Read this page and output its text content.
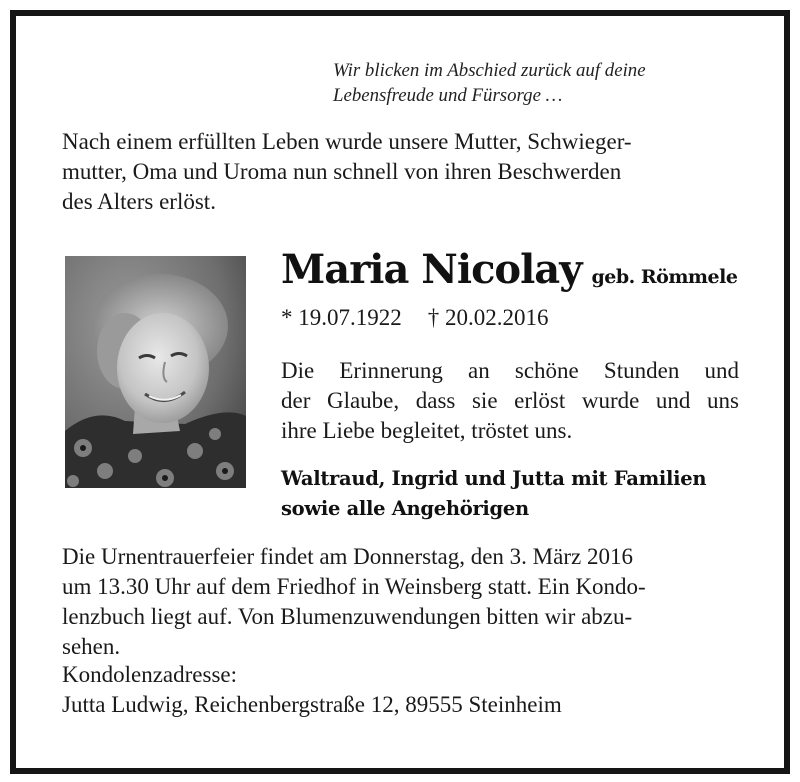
Wir blicken im Abschied zurück auf deine
Lebensfreude und Fürsorge …
Nach einem erfüllten Leben wurde unsere Mutter, Schwieger-
mutter, Oma und Uroma nun schnell von ihren Beschwerden
des Alters erlöst.
Maria Nicolay geb. Römmele
* 19.07.1922 † 20.02.2016
Die Erinnerung an schöne Stunden und
der Glaube, dass sie erlöst wurde und uns
ihre Liebe begleitet, tröstet uns.
Waltraud, Ingrid und Jutta mit Familien
sowie alle Angehörigen
Die Urnentrauerfeier findet am Donnerstag, den 3. März 2016
um 13.30 Uhr auf dem Friedhof in Weinsberg statt. Ein Kondo-
lenzbuch liegt auf. Von Blumenzuwendungen bitten wir abzu-
sehen.
Kondolenzadresse:
Jutta Ludwig, Reichenbergstraße 12, 89555 Steinheim
